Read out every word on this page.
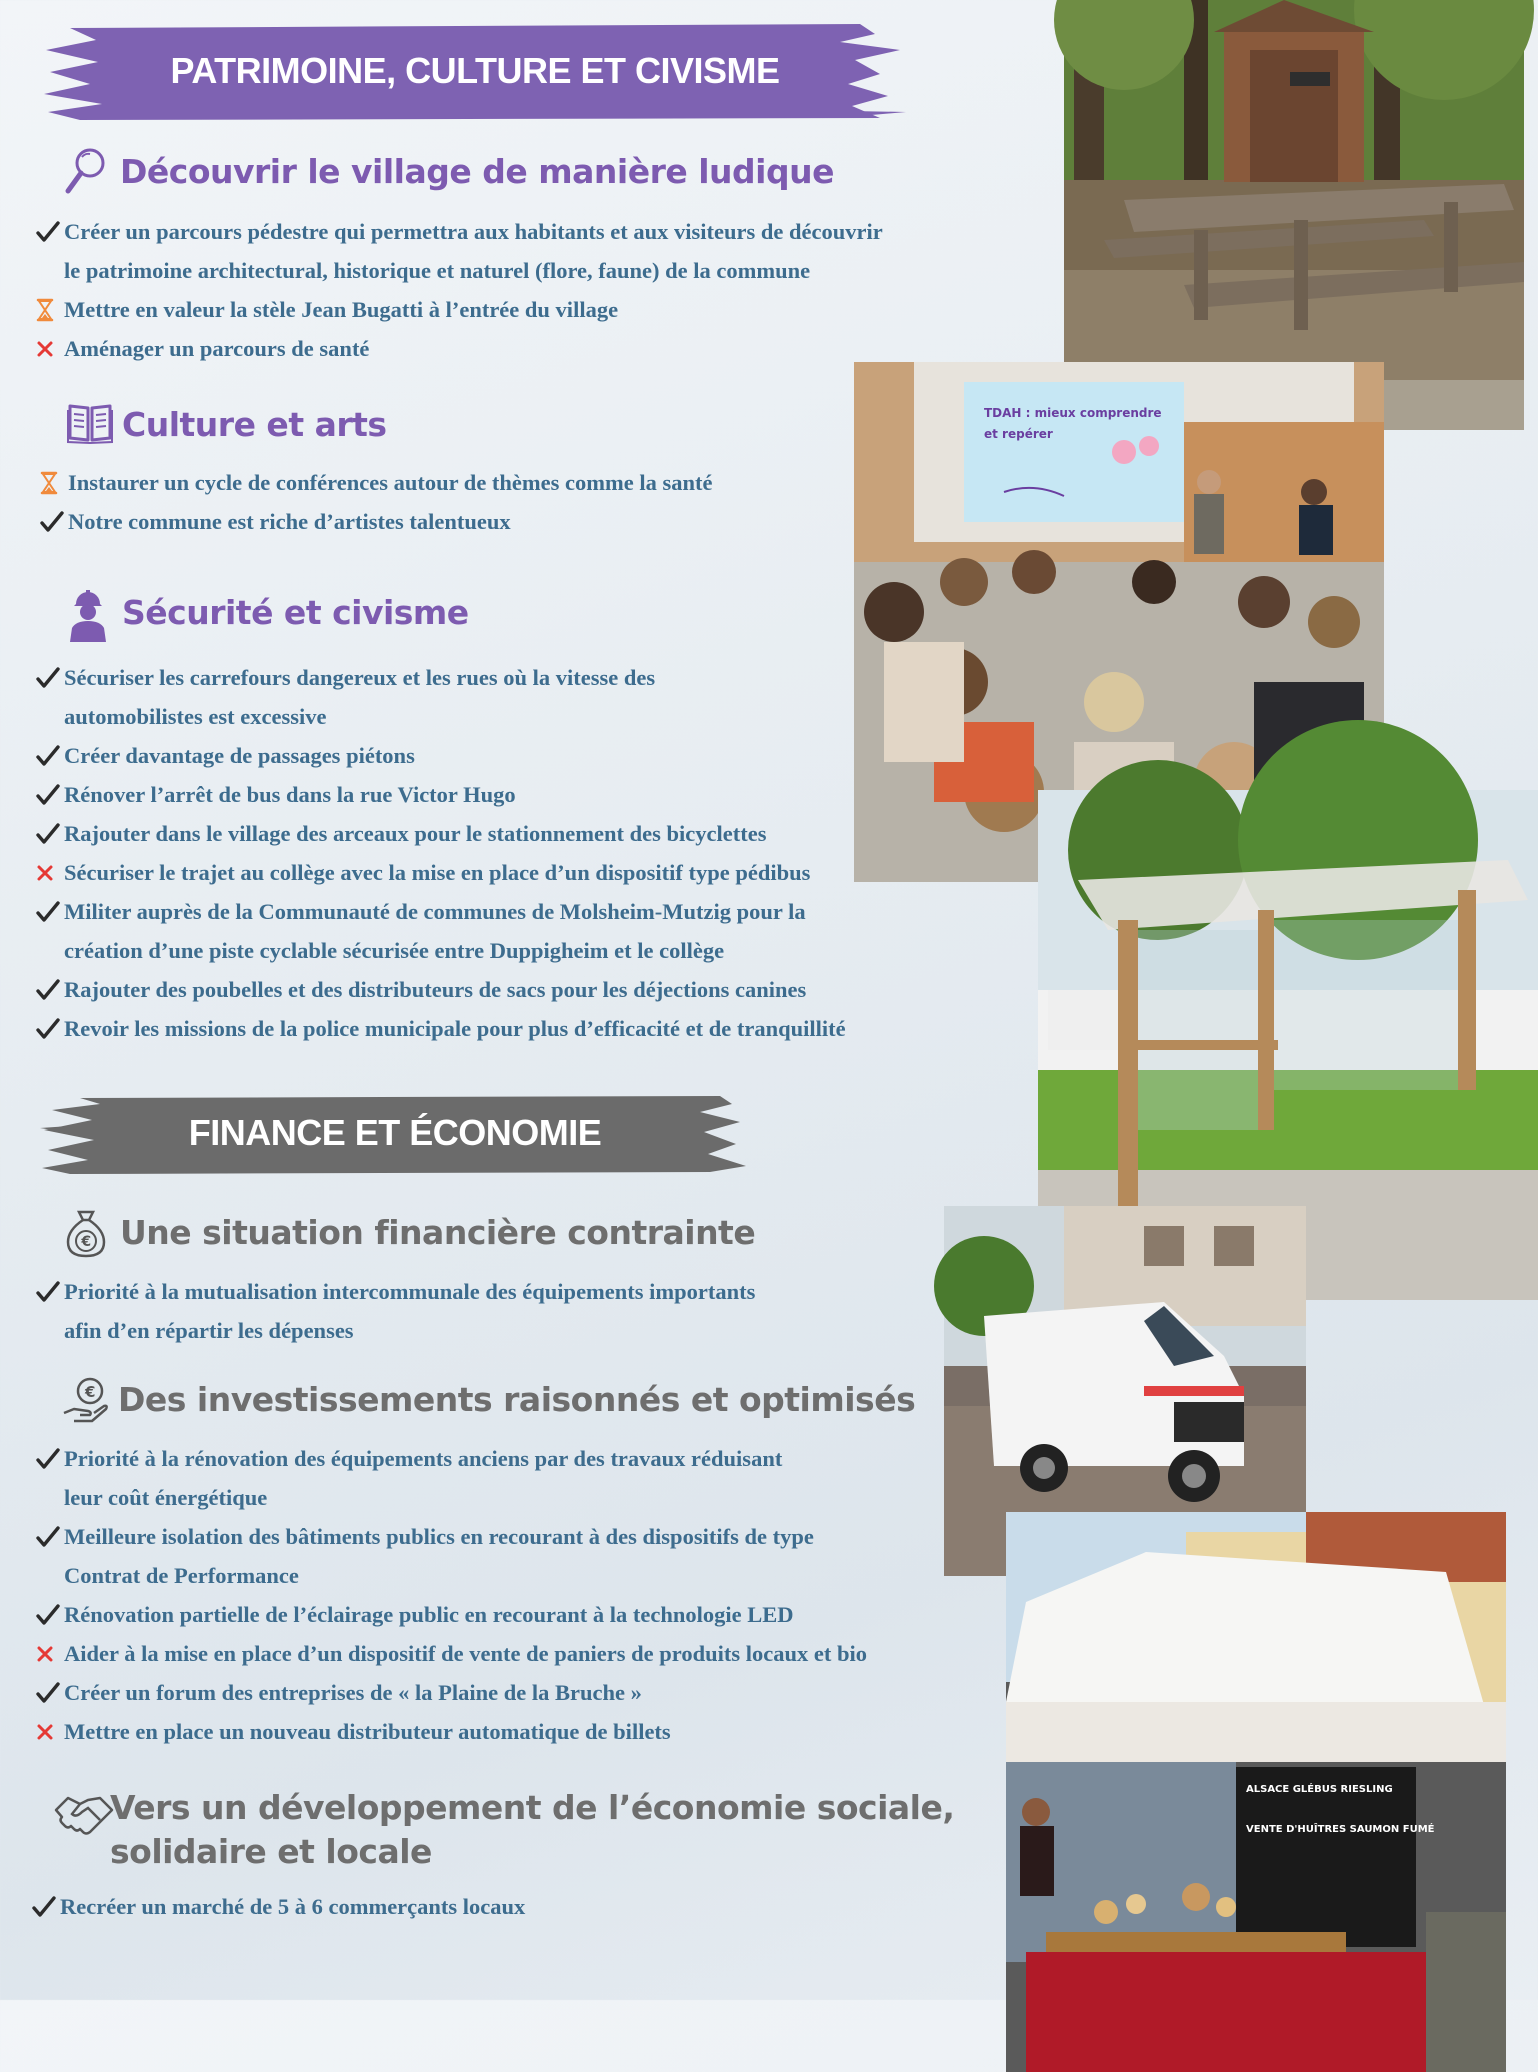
PATRIMOINE, CULTURE ET CIVISME
Découvrir le village de manière ludique
Créer un parcours pédestre qui permettra aux habitants et aux visiteurs de découvrir
le patrimoine architectural, historique et naturel (flore, faune) de la commune
Mettre en valeur la stèle Jean Bugatti à l’entrée du village
Aménager un parcours de santé
Culture et arts
Instaurer un cycle de conférences autour de thèmes comme la santé
Notre commune est riche d’artistes talentueux
Sécurité et civisme
Sécuriser les carrefours dangereux et les rues où la vitesse des
automobilistes est excessive
Créer davantage de passages piétons
Rénover l’arrêt de bus dans la rue Victor Hugo
Rajouter dans le village des arceaux pour le stationnement des bicyclettes
Sécuriser le trajet au collège avec la mise en place d’un dispositif type pédibus
Militer auprès de la Communauté de communes de Molsheim-Mutzig pour la
création d’une piste cyclable sécurisée entre Duppigheim et le collège
Rajouter des poubelles et des distributeurs de sacs pour les déjections canines
Revoir les missions de la police municipale pour plus d’efficacité et de tranquillité
FINANCE ET ÉCONOMIE
€ Une situation financière contrainte
Priorité à la mutualisation intercommunale des équipements importants
afin d’en répartir les dépenses
€ Des investissements raisonnés et optimisés
Priorité à la rénovation des équipements anciens par des travaux réduisant
leur coût énergétique
Meilleure isolation des bâtiments publics en recourant à des dispositifs de type
Contrat de Performance
Rénovation partielle de l’éclairage public en recourant à la technologie LED
Aider à la mise en place d’un dispositif de vente de paniers de produits locaux et bio
Créer un forum des entreprises de « la Plaine de la Bruche »
Mettre en place un nouveau distributeur automatique de billets
Vers un développement de l’économie sociale,
solidaire et locale
Recréer un marché de 5 à 6 commerçants locaux
TDAH : mieux comprendre
et repérer
ALSACE GLÉBUS RIESLING
VENTE D'HUÎTRES SAUMON FUMÉ
